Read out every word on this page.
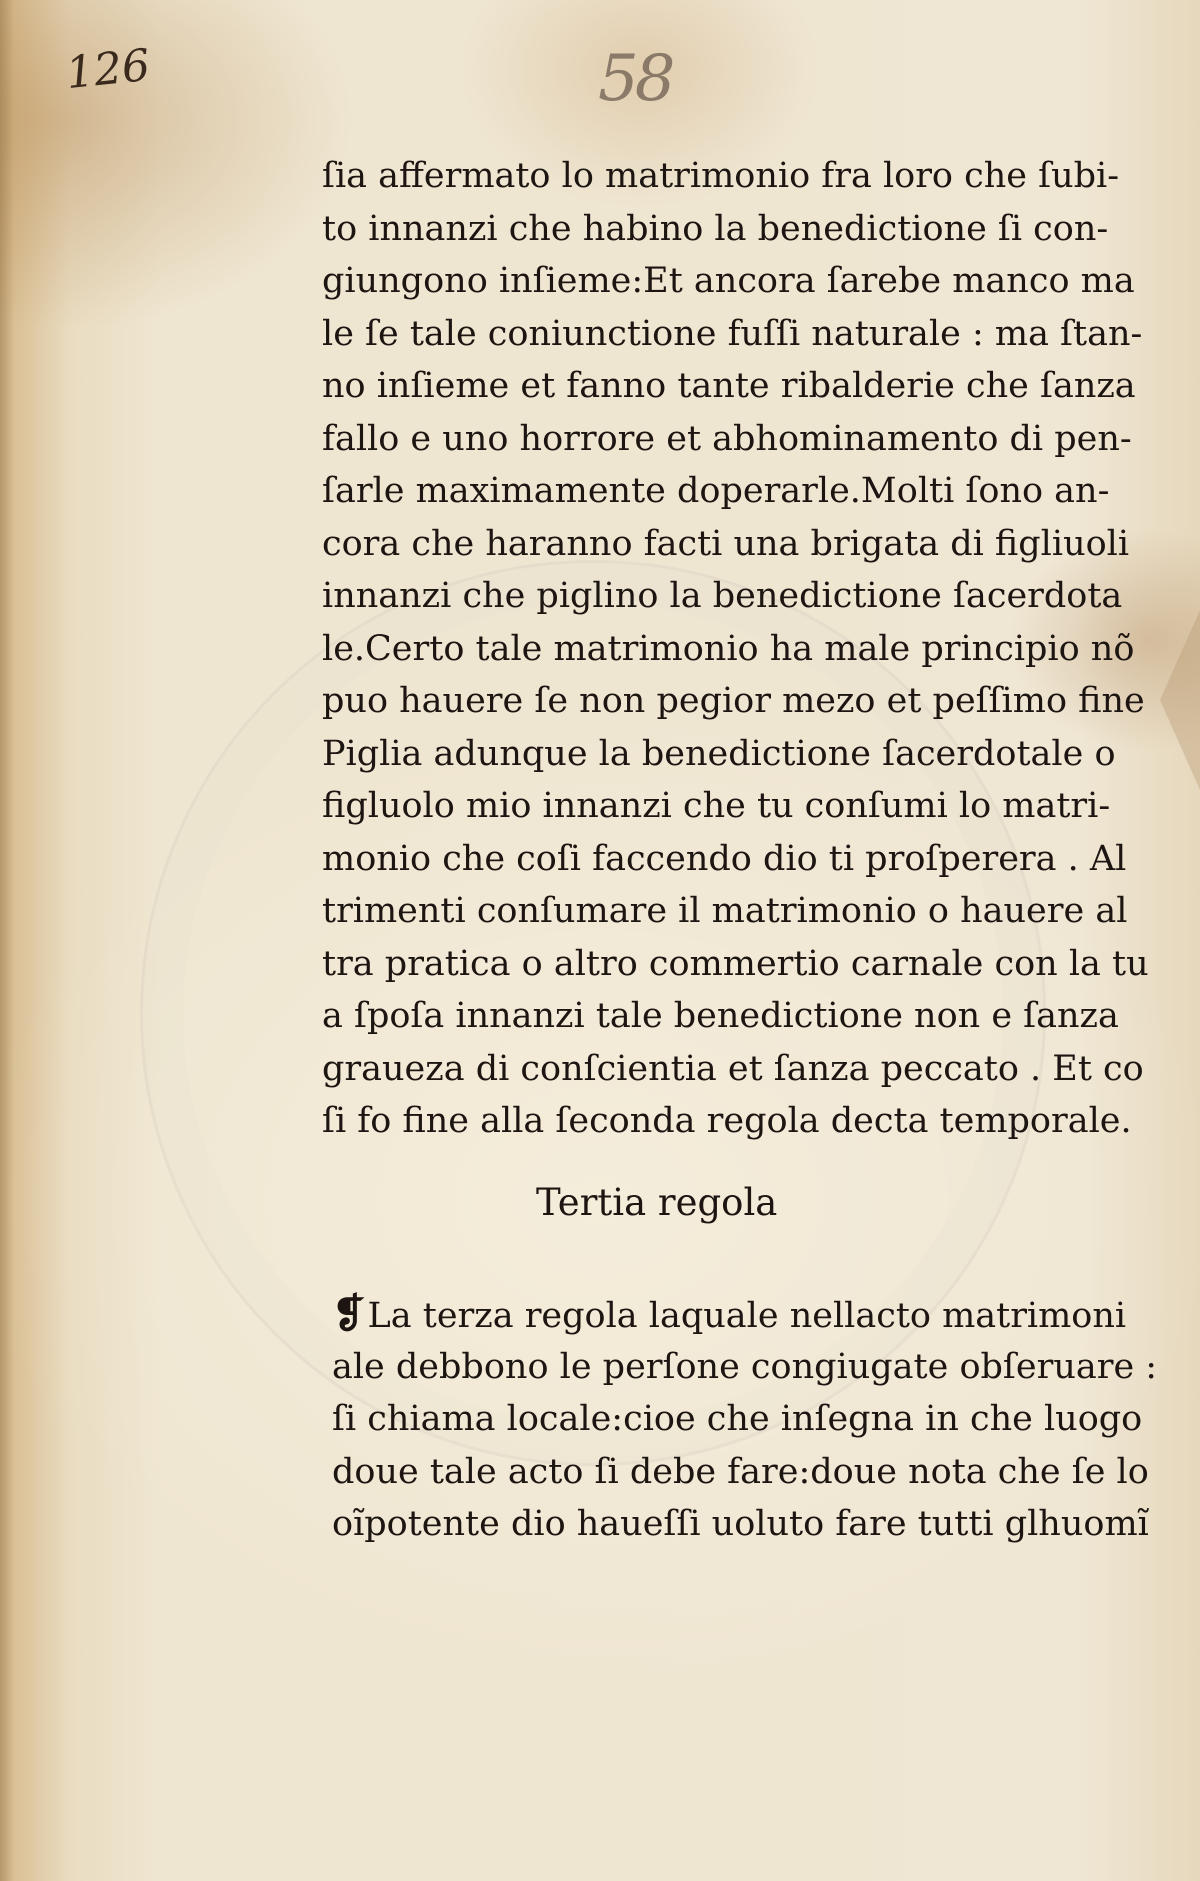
126	58
ſia affermato lo matrimonio fra loro che ſubi-
to innanzi che habino la benedictione ſi con-
giungono inſieme:Et ancora ſarebe manco ma
le ſe tale coniunctione fuſſi naturale : ma ſtan-
no inſieme et fanno tante ribalderie che ſanza
fallo e uno horrore et abhominamento di pen-
ſarle maximamente doperarle.Molti ſono an-
cora che haranno facti una brigata di figliuoli
innanzi che piglino la benedictione ſacerdota
le.Certo tale matrimonio ha male principio nõ
puo hauere ſe non pegior mezo et peſſimo fine
Piglia adunque la benedictione ſacerdotale o
figluolo mio innanzi che tu conſumi lo matri-
monio che coſi faccendo dio ti proſperera . Al
trimenti conſumare il matrimonio o hauere al
tra pratica o altro commertio carnale con la tu
a ſpoſa innanzi tale benedictione non e ſanza
graueza di conſcientia et ſanza peccato . Et co
ſi fo fine alla ſeconda regola decta temporale.
Tertia regola
❡ La terza regola laquale nellacto matrimoni
ale debbono le perſone congiugate obſeruare :
ſi chiama locale:cioe che inſegna in che luogo
doue tale acto ſi debe fare:doue nota che ſe lo
oĩpotente dio haueſſi uoluto fare tutti glhuomĩ
